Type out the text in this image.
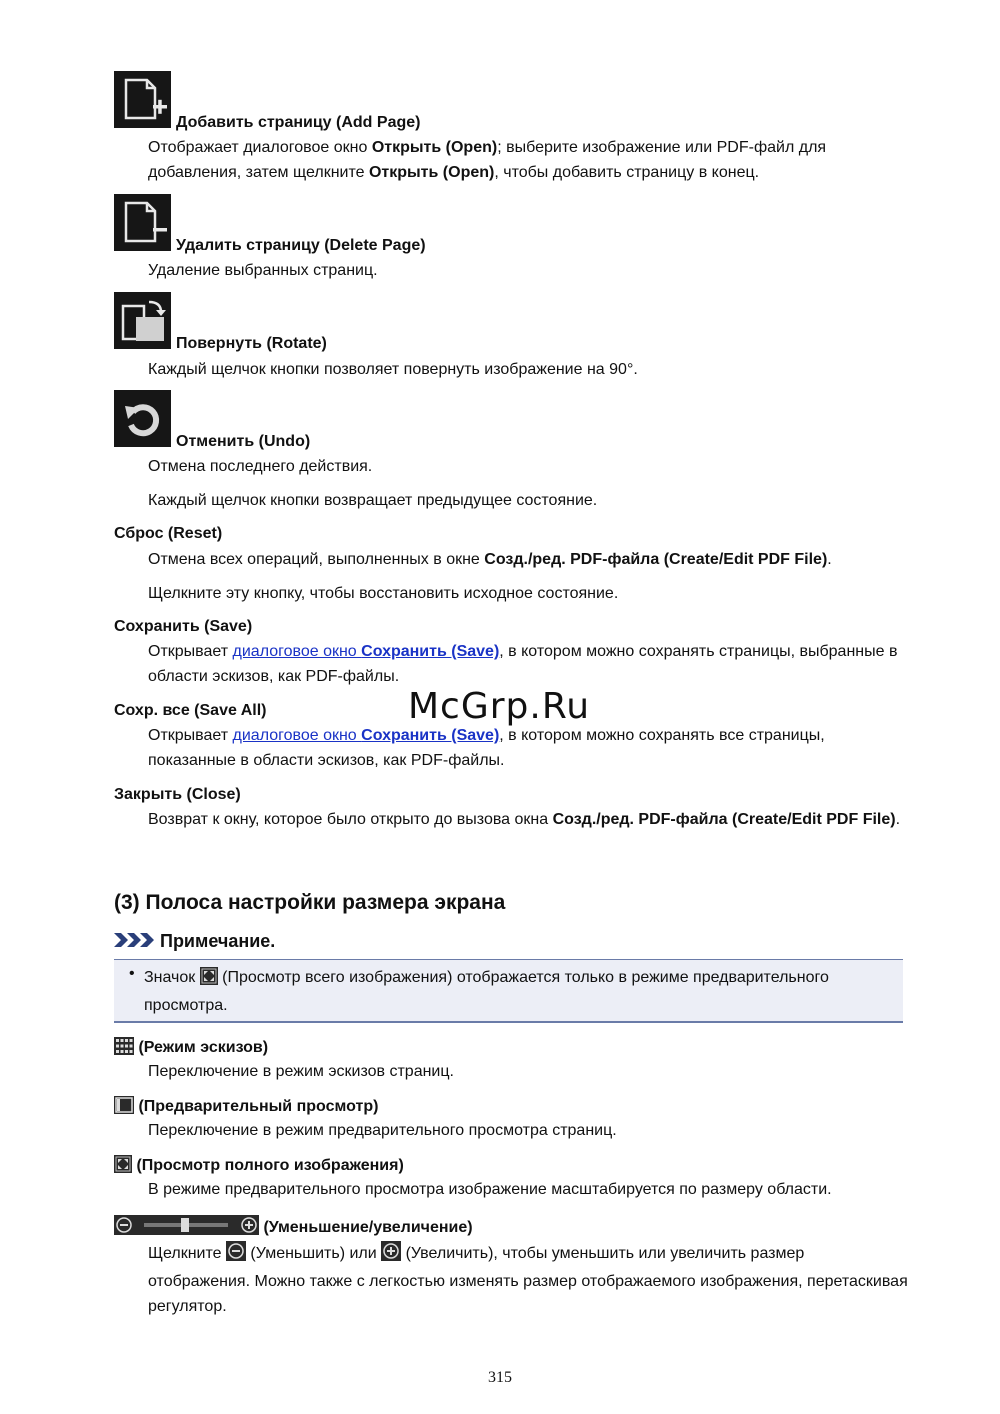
Добавить страницу (Add Page)
Отображает диалоговое окно Открыть (Open); выберите изображение или PDF-файл для добавления, затем щелкните Открыть (Open), чтобы добавить страницу в конец.
Удалить страницу (Delete Page)
Удаление выбранных страниц.
Повернуть (Rotate)
Каждый щелчок кнопки позволяет повернуть изображение на 90°.
Отменить (Undo)
Отмена последнего действия.
Каждый щелчок кнопки возвращает предыдущее состояние.
Сброс (Reset)
Отмена всех операций, выполненных в окне Созд./ред. PDF-файла (Create/Edit PDF File).
Щелкните эту кнопку, чтобы восстановить исходное состояние.
Сохранить (Save)
Открывает диалоговое окно Сохранить (Save), в котором можно сохранять страницы, выбранные в области эскизов, как PDF-файлы.
Сохр. все (Save All)
Открывает диалоговое окно Сохранить (Save), в котором можно сохранять все страницы, показанные в области эскизов, как PDF-файлы.
Закрыть (Close)
Возврат к окну, которое было открыто до вызова окна Созд./ред. PDF-файла (Create/Edit PDF File).
McGrp.Ru
(3) Полоса настройки размера экрана
Примечание.
• Значок  (Просмотр всего изображения) отображается только в режиме предварительного просмотра.
(Режим эскизов)
Переключение в режим эскизов страниц.
(Предварительный просмотр)
Переключение в режим предварительного просмотра страниц.
(Просмотр полного изображения)
В режиме предварительного просмотра изображение масштабируется по размеру области.
(Уменьшение/увеличение)
Щелкните  (Уменьшить) или  (Увеличить), чтобы уменьшить или увеличить размер отображения. Можно также с легкостью изменять размер отображаемого изображения, перетаскивая регулятор.
315
